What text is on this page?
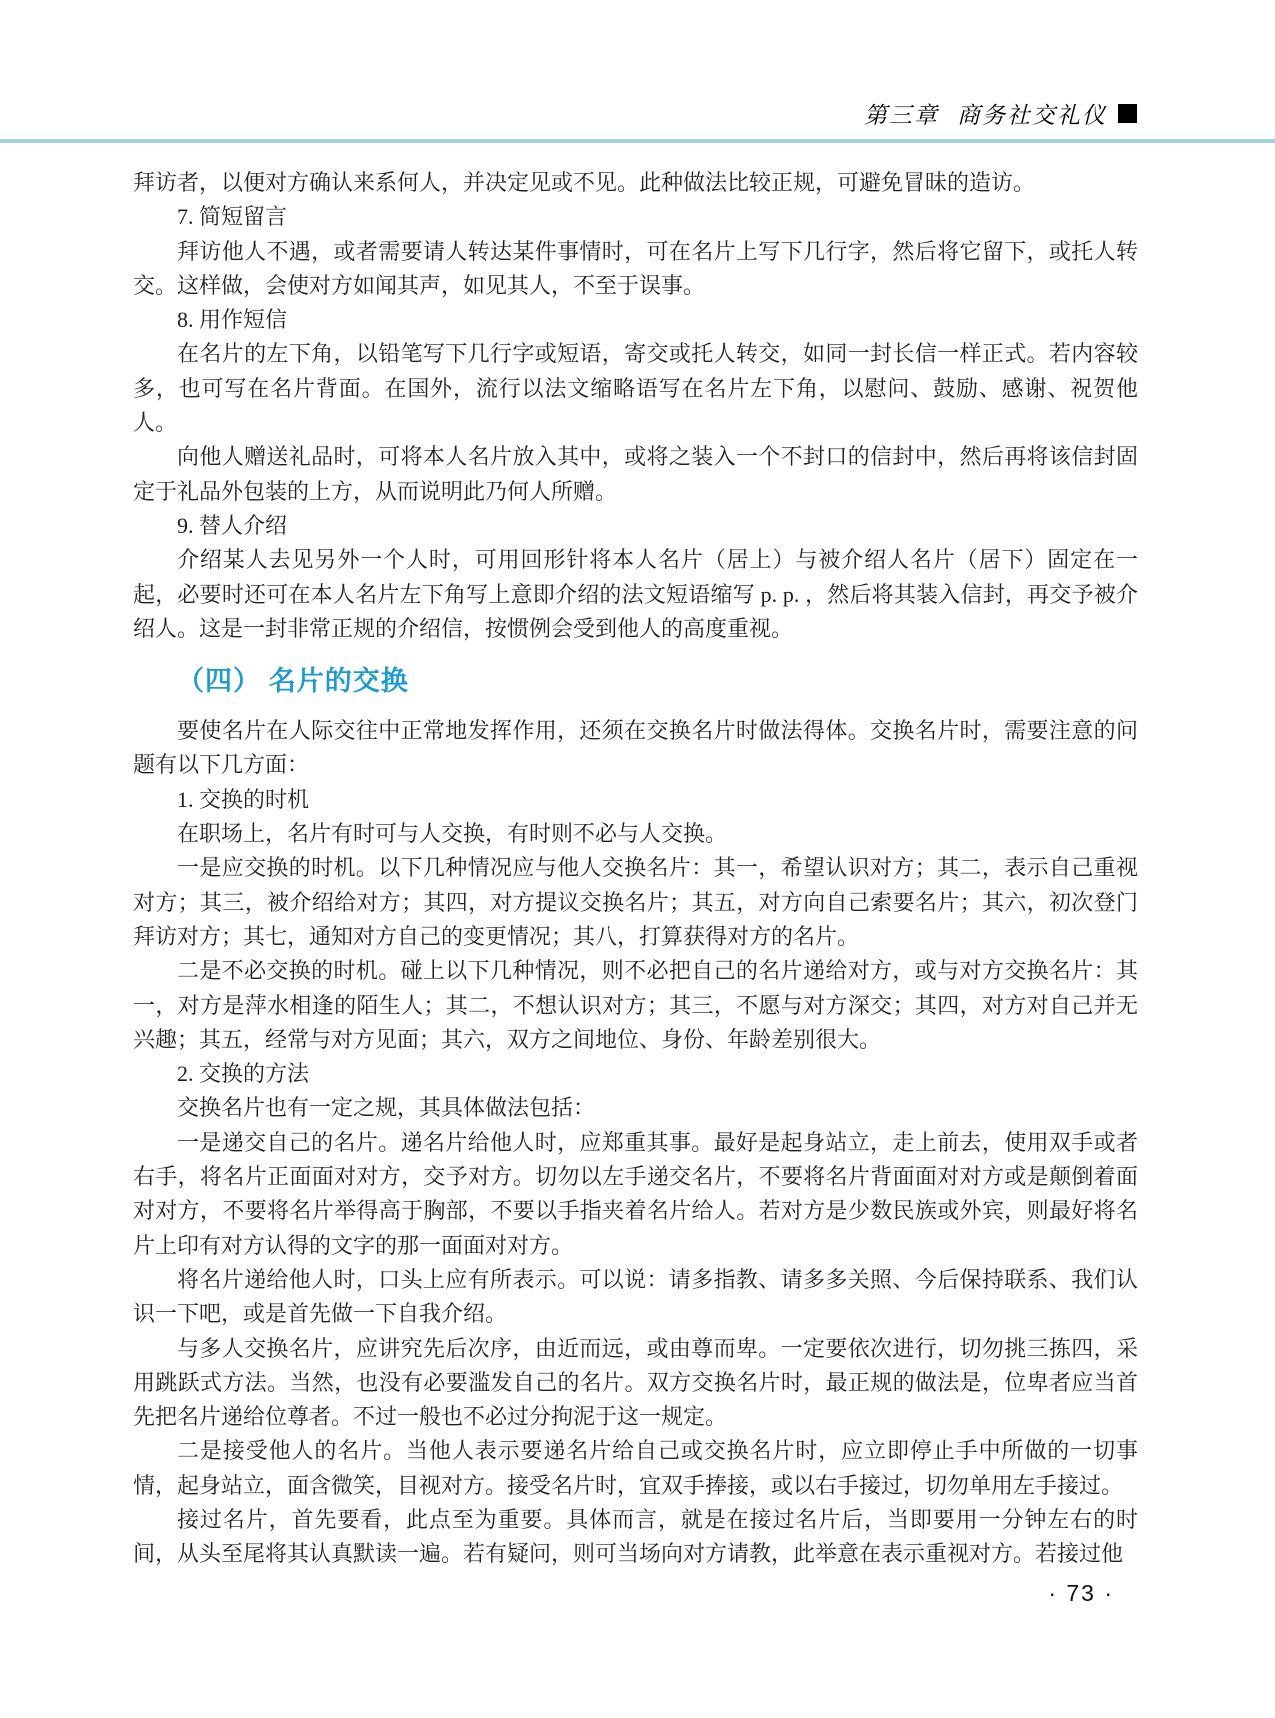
第三章 商务社交礼仪

拜访者，以便对方确认来系何人，并决定见或不见。此种做法比较正规，可避免冒昧的造访。

7. 简短留言

拜访他人不遇，或者需要请人转达某件事情时，可在名片上写下几行字，然后将它留下，或托人转交。这样做，会使对方如闻其声，如见其人，不至于误事。

8. 用作短信

在名片的左下角，以铅笔写下几行字或短语，寄交或托人转交，如同一封长信一样正式。若内容较多，也可写在名片背面。在国外，流行以法文缩略语写在名片左下角，以慰问、鼓励、感谢、祝贺他人。

向他人赠送礼品时，可将本人名片放入其中，或将之装入一个不封口的信封中，然后再将该信封固定于礼品外包装的上方，从而说明此乃何人所赠。

9. 替人介绍

介绍某人去见另外一个人时，可用回形针将本人名片（居上）与被介绍人名片（居下）固定在一起，必要时还可在本人名片左下角写上意即介绍的法文短语缩写 p. p. ，然后将其装入信封，再交予被介绍人。这是一封非常正规的介绍信，按惯例会受到他人的高度重视。

（四） 名片的交换

要使名片在人际交往中正常地发挥作用，还须在交换名片时做法得体。交换名片时，需要注意的问题有以下几方面：

1. 交换的时机

在职场上，名片有时可与人交换，有时则不必与人交换。

一是应交换的时机。以下几种情况应与他人交换名片：其一，希望认识对方；其二，表示自己重视对方；其三，被介绍给对方；其四，对方提议交换名片；其五，对方向自己索要名片；其六，初次登门拜访对方；其七，通知对方自己的变更情况；其八，打算获得对方的名片。

二是不必交换的时机。碰上以下几种情况，则不必把自己的名片递给对方，或与对方交换名片：其一，对方是萍水相逢的陌生人；其二，不想认识对方；其三，不愿与对方深交；其四，对方对自己并无兴趣；其五，经常与对方见面；其六，双方之间地位、身份、年龄差别很大。

2. 交换的方法

交换名片也有一定之规，其具体做法包括：

一是递交自己的名片。递名片给他人时，应郑重其事。最好是起身站立，走上前去，使用双手或者右手，将名片正面面对对方，交予对方。切勿以左手递交名片，不要将名片背面面对对方或是颠倒着面对对方，不要将名片举得高于胸部，不要以手指夹着名片给人。若对方是少数民族或外宾，则最好将名片上印有对方认得的文字的那一面面对对方。

将名片递给他人时，口头上应有所表示。可以说：请多指教、请多多关照、今后保持联系、我们认识一下吧，或是首先做一下自我介绍。

与多人交换名片，应讲究先后次序，由近而远，或由尊而卑。一定要依次进行，切勿挑三拣四，采用跳跃式方法。当然，也没有必要滥发自己的名片。双方交换名片时，最正规的做法是，位卑者应当首先把名片递给位尊者。不过一般也不必过分拘泥于这一规定。

二是接受他人的名片。当他人表示要递名片给自己或交换名片时，应立即停止手中所做的一切事情，起身站立，面含微笑，目视对方。接受名片时，宜双手捧接，或以右手接过，切勿单用左手接过。

接过名片，首先要看，此点至为重要。具体而言，就是在接过名片后，当即要用一分钟左右的时间，从头至尾将其认真默读一遍。若有疑问，则可当场向对方请教，此举意在表示重视对方。若接过他

· 73 ·
